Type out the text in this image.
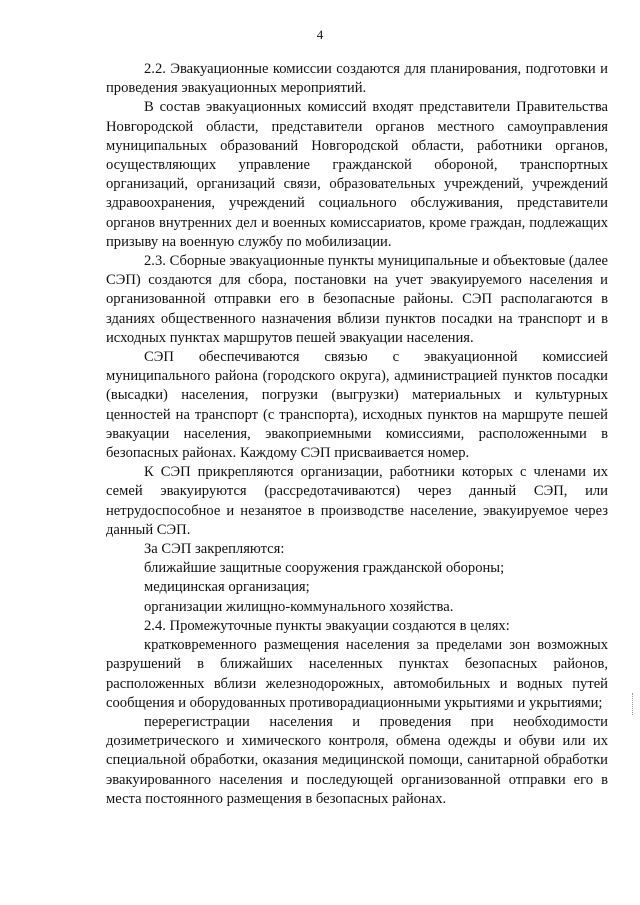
4

2.2. Эвакуационные комиссии создаются для планирования, подготовки и проведения эвакуационных мероприятий.

В состав эвакуационных комиссий входят представители Правительства Новгородской области, представители органов местного самоуправления муниципальных образований Новгородской области, работники органов, осуществляющих управление гражданской обороной, транспортных организаций, организаций связи, образовательных учреждений, учреждений здравоохранения, учреждений социального обслуживания, представители органов внутренних дел и военных комиссариатов, кроме граждан, подлежащих призыву на военную службу по мобилизации.

2.3. Сборные эвакуационные пункты муниципальные и объектовые (далее СЭП) создаются для сбора, постановки на учет эвакуируемого населения и организованной отправки его в безопасные районы. СЭП располагаются в зданиях общественного назначения вблизи пунктов посадки на транспорт и в исходных пунктах маршрутов пешей эвакуации населения.

СЭП обеспечиваются связью с эвакуационной комиссией муниципального района (городского округа), администрацией пунктов посадки (высадки) населения, погрузки (выгрузки) материальных и культурных ценностей на транспорт (с транспорта), исходных пунктов на маршруте пешей эвакуации населения, эвакоприемными комиссиями, расположенными в безопасных районах. Каждому СЭП присваивается номер.

К СЭП прикрепляются организации, работники которых с членами их семей эвакуируются (рассредотачиваются) через данный СЭП, или нетрудоспособное и незанятое в производстве население, эвакуируемое через данный СЭП.

За СЭП закрепляются:

ближайшие защитные сооружения гражданской обороны;

медицинская организация;

организации жилищно-коммунального хозяйства.

2.4. Промежуточные пункты эвакуации создаются в целях:

кратковременного размещения населения за пределами зон возможных разрушений в ближайших населенных пунктах безопасных районов, расположенных вблизи железнодорожных, автомобильных и водных путей сообщения и оборудованных противорадиационными укрытиями и укрытиями;

перерегистрации населения и проведения при необходимости дозиметрического и химического контроля, обмена одежды и обуви или их специальной обработки, оказания медицинской помощи, санитарной обработки эвакуированного населения и последующей организованной отправки его в места постоянного размещения в безопасных районах.
